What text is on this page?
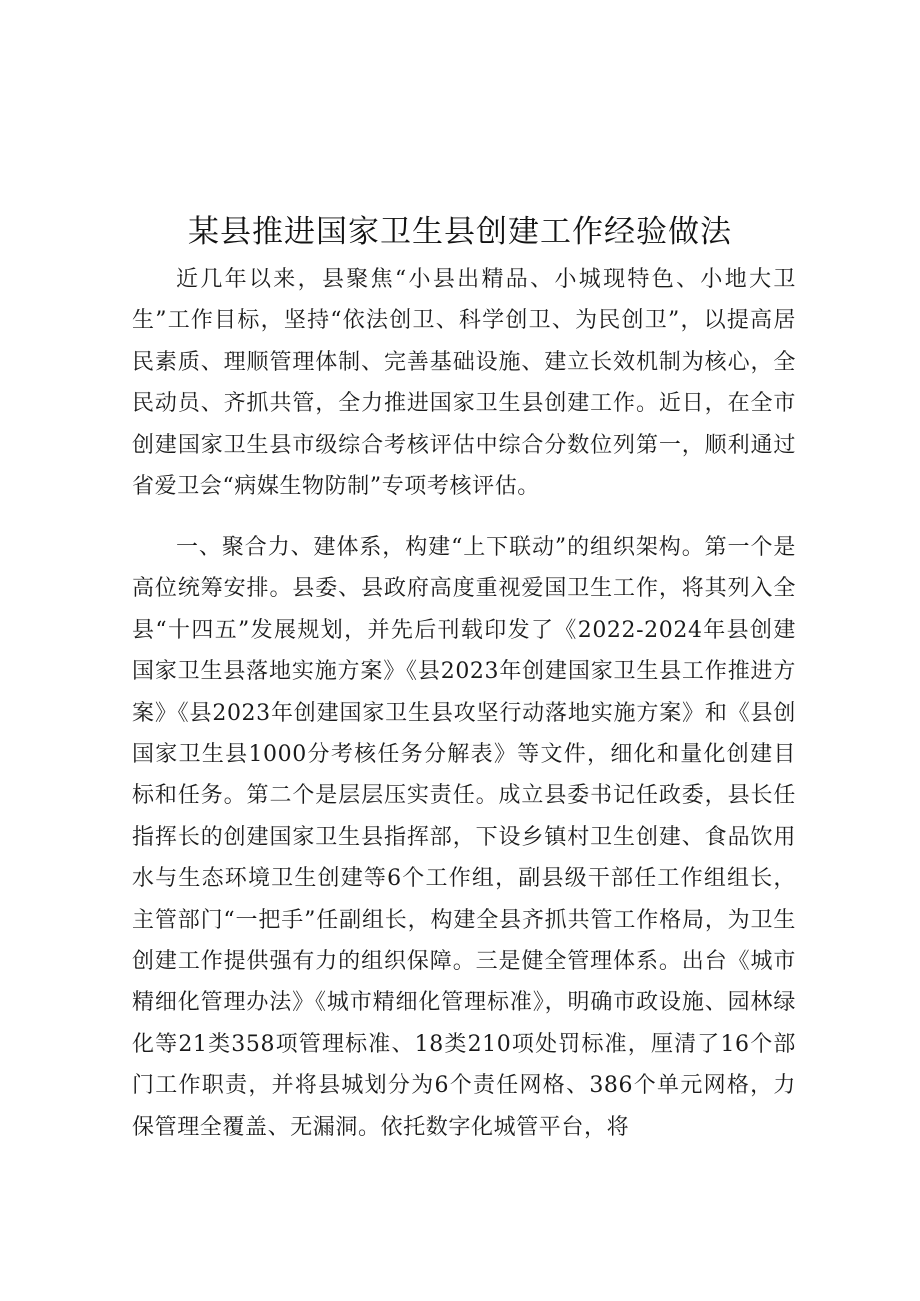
某县推进国家卫生县创建工作经验做法

近几年以来，县聚焦“小县出精品、小城现特色、小地大卫生”工作目标，坚持“依法创卫、科学创卫、为民创卫”，以提高居民素质、理顺管理体制、完善基础设施、建立长效机制为核心，全民动员、齐抓共管，全力推进国家卫生县创建工作。近日，在全市创建国家卫生县市级综合考核评估中综合分数位列第一，顺利通过省爱卫会“病媒生物防制”专项考核评估。

一、聚合力、建体系，构建“上下联动”的组织架构。第一个是高位统筹安排。县委、县政府高度重视爱国卫生工作，将其列入全县“十四五”发展规划，并先后刊载印发了《2022-2024年县创建国家卫生县落地实施方案》《县2023年创建国家卫生县工作推进方案》《县2023年创建国家卫生县攻坚行动落地实施方案》和《县创国家卫生县1000分考核任务分解表》等文件，细化和量化创建目标和任务。第二个是层层压实责任。成立县委书记任政委，县长任指挥长的创建国家卫生县指挥部，下设乡镇村卫生创建、食品饮用水与生态环境卫生创建等6个工作组，副县级干部任工作组组长，主管部门“一把手”任副组长，构建全县齐抓共管工作格局，为卫生创建工作提供强有力的组织保障。三是健全管理体系。出台《城市精细化管理办法》《城市精细化管理标准》，明确市政设施、园林绿化等21类358项管理标准、18类210项处罚标准，厘清了16个部门工作职责，并将县城划分为6个责任网格、386个单元网格，力保管理全覆盖、无漏洞。依托数字化城管平台，将
